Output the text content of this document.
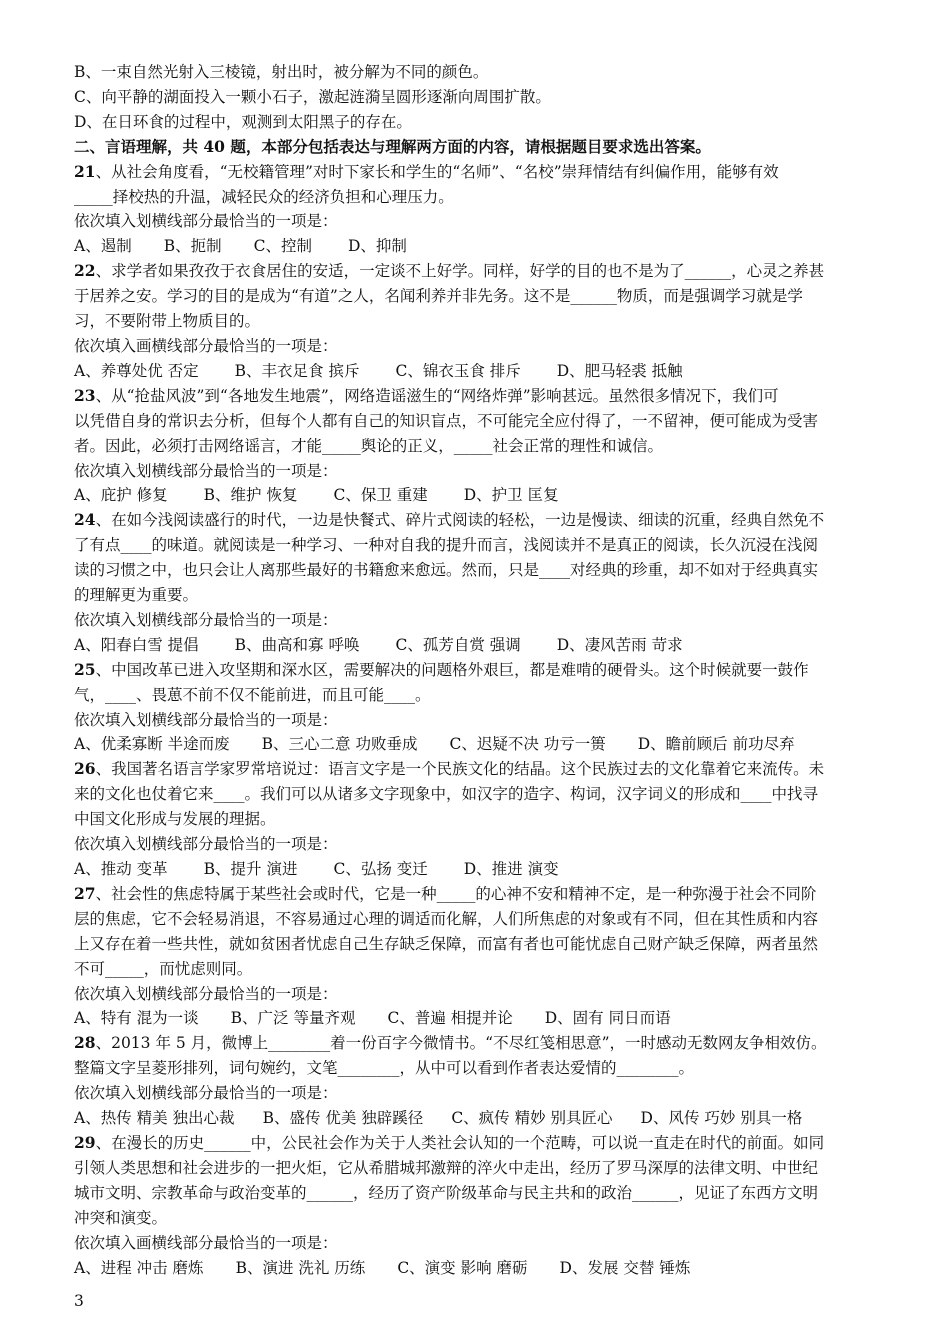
B、一束自然光射入三棱镜，射出时，被分解为不同的颜色。
C、向平静的湖面投入一颗小石子，激起涟漪呈圆形逐渐向周围扩散。
D、在日环食的过程中，观测到太阳黑子的存在。
二、言语理解，共 40 题，本部分包括表达与理解两方面的内容，请根据题目要求选出答案。
21、从社会角度看，“无校籍管理”对时下家长和学生的“名师”、“名校”崇拜情结有纠偏作用，能够有效
_____择校热的升温，减轻民众的经济负担和心理压力。
依次填入划横线部分最恰当的一项是：
A、遏制 B、扼制 C、控制 D、抑制
22、求学者如果孜孜于衣食居住的安适，一定谈不上好学。同样，好学的目的也不是为了______，心灵之养甚
于居养之安。学习的目的是成为“有道”之人，名闻利养并非先务。这不是______物质，而是强调学习就是学
习，不要附带上物质目的。
依次填入画横线部分最恰当的一项是：
A、养尊处优 否定 B、丰衣足食 摈斥 C、锦衣玉食 排斥 D、肥马轻裘 抵触
23、从“抢盐风波”到“各地发生地震”，网络造谣滋生的“网络炸弹”影响甚远。虽然很多情况下，我们可
以凭借自身的常识去分析，但每个人都有自己的知识盲点，不可能完全应付得了，一不留神，便可能成为受害
者。因此，必须打击网络谣言，才能_____舆论的正义，_____社会正常的理性和诚信。
依次填入划横线部分最恰当的一项是：
A、庇护 修复 B、维护 恢复 C、保卫 重建 D、护卫 匡复
24、在如今浅阅读盛行的时代，一边是快餐式、碎片式阅读的轻松，一边是慢读、细读的沉重，经典自然免不
了有点____的味道。就阅读是一种学习、一种对自我的提升而言，浅阅读并不是真正的阅读，长久沉浸在浅阅
读的习惯之中，也只会让人离那些最好的书籍愈来愈远。然而，只是____对经典的珍重，却不如对于经典真实
的理解更为重要。
依次填入划横线部分最恰当的一项是：
A、阳春白雪 提倡 B、曲高和寡 呼唤 C、孤芳自赏 强调 D、凄风苦雨 苛求
25、中国改革已进入攻坚期和深水区，需要解决的问题格外艰巨，都是难啃的硬骨头。这个时候就要一鼓作
气，____、畏葸不前不仅不能前进，而且可能____。
依次填入划横线部分最恰当的一项是：
A、优柔寡断 半途而废 B、三心二意 功败垂成 C、迟疑不决 功亏一篑 D、瞻前顾后 前功尽弃
26、我国著名语言学家罗常培说过：语言文字是一个民族文化的结晶。这个民族过去的文化靠着它来流传。未
来的文化也仗着它来____。我们可以从诸多文字现象中，如汉字的造字、构词，汉字词义的形成和____中找寻
中国文化形成与发展的理据。
依次填入划横线部分最恰当的一项是：
A、推动 变革 B、提升 演进 C、弘扬 变迁 D、推进 演变
27、社会性的焦虑特属于某些社会或时代，它是一种_____的心神不安和精神不定，是一种弥漫于社会不同阶
层的焦虑，它不会轻易消退，不容易通过心理的调适而化解，人们所焦虑的对象或有不同，但在其性质和内容
上又存在着一些共性，就如贫困者忧虑自己生存缺乏保障，而富有者也可能忧虑自己财产缺乏保障，两者虽然
不可_____，而忧虑则同。
依次填入划横线部分最恰当的一项是：
A、特有 混为一谈 B、广泛 等量齐观 C、普遍 相提并论 D、固有 同日而语
28、2013 年 5 月，微博上________着一份百字今微情书。“不尽红笺相思意”，一时感动无数网友争相效仿。
整篇文字呈菱形排列，词句婉约，文笔________，从中可以看到作者表达爱情的________。
依次填入划横线部分最恰当的一项是：
A、热传 精美 独出心裁 B、盛传 优美 独辟蹊径 C、疯传 精妙 别具匠心 D、风传 巧妙 别具一格
29、在漫长的历史______中，公民社会作为关于人类社会认知的一个范畴，可以说一直走在时代的前面。如同
引领人类思想和社会进步的一把火炬，它从希腊城邦激辩的淬火中走出，经历了罗马深厚的法律文明、中世纪
城市文明、宗教革命与政治变革的______，经历了资产阶级革命与民主共和的政治______，见证了东西方文明
冲突和演变。
依次填入画横线部分最恰当的一项是：
A、进程 冲击 磨炼 B、演进 洗礼 历练 C、演变 影响 磨砺 D、发展 交替 锤炼
3
